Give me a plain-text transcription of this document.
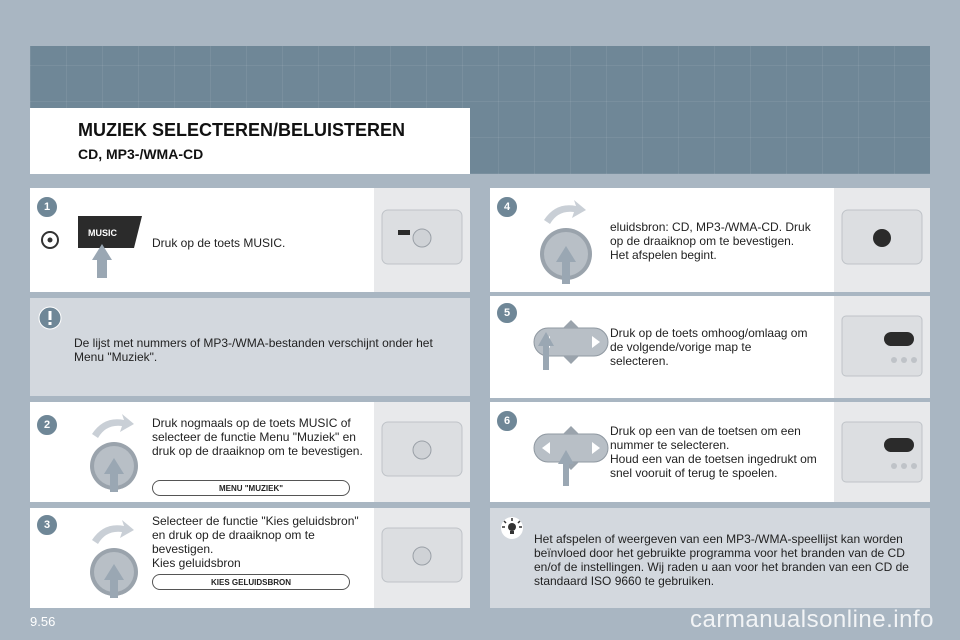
MUZIEK SELECTEREN/BELUISTEREN
CD, MP3-/WMA-CD
1
MUSIC
Druk op de toets MUSIC.
De lijst met nummers of MP3-/WMA-bestanden verschijnt onder het Menu "Muziek".
2	Druk nogmaals op de toets MUSIC of selecteer de functie Menu "Muziek" en druk op de draaiknop om te bevestigen.
MENU "MUZIEK"
3	Selecteer de functie "Kies geluidsbron" en druk op de draaiknop om te bevestigen.
Kies geluidsbron
KIES GELUIDSBRON
4
eluidsbron: CD, MP3-/WMA-CD. Druk op de draaiknop om te bevestigen.
Het afspelen begint.
5
Druk op de toets omhoog/omlaag om de volgende/vorige map te selecteren.
6
Druk op een van de toetsen om een nummer te selecteren.
Houd een van de toetsen ingedrukt om snel vooruit of terug te spoelen.
Het afspelen of weergeven van een MP3-/WMA-speellijst kan worden beïnvloed door het gebruikte programma voor het branden van de CD en/of de instellingen. Wij raden u aan voor het branden van een CD de standaard ISO 9660 te gebruiken.
9.56	carmanualsonline.info
